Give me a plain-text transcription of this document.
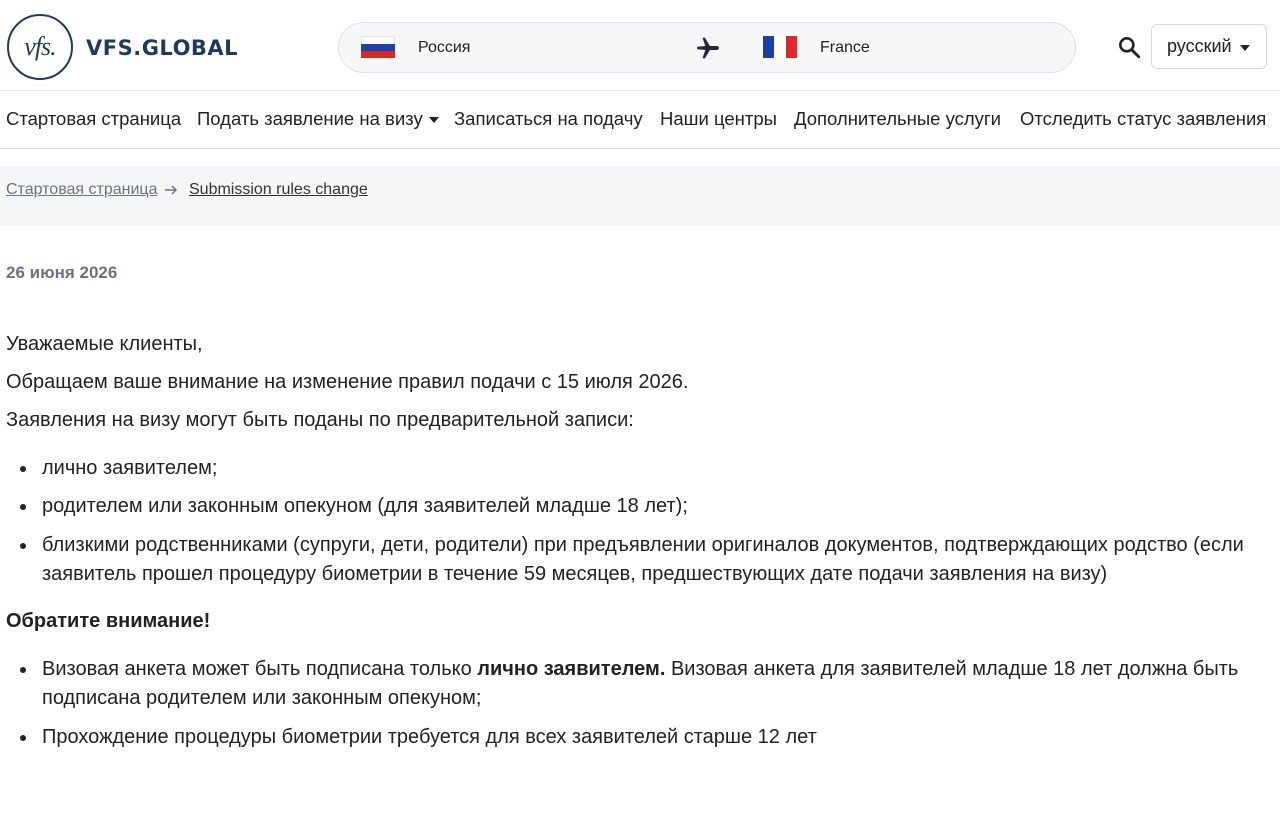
vfs. VFS.GLOBAL	Россия	France	русский
Стартовая страница Подать заявление на визу	Записаться на подачу Наши центры Дополнительные услуги Отследить статус заявления
Стартовая страница Submission rules change
26 июня 2026
Уважаемые клиенты,
Обращаем ваше внимание на изменение правил подачи с 15 июля 2026.
Заявления на визу могут быть поданы по предварительной записи:
лично заявителем;
родителем или законным опекуном (для заявителей младше 18 лет);
близкими родственниками (супруги, дети, родители) при предъявлении оригиналов документов, подтверждающих родство (если заявитель прошел процедуру биометрии в течение 59 месяцев, предшествующих дате подачи заявления на визу)
Обратите внимание!
Визовая анкета может быть подписана только лично заявителем. Визовая анкета для заявителей младше 18 лет должна быть подписана родителем или законным опекуном;
Прохождение процедуры биометрии требуется для всех заявителей старше 12 лет
